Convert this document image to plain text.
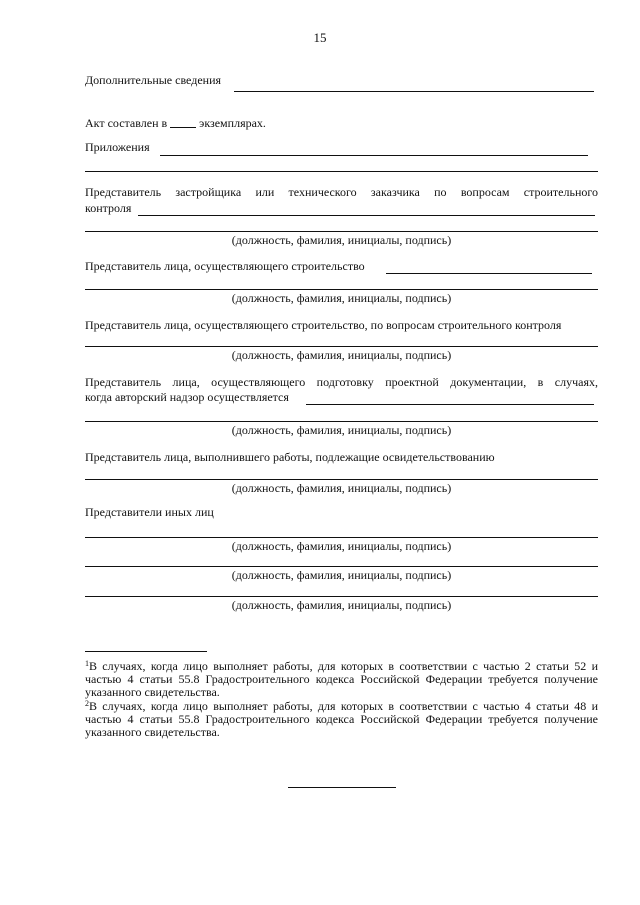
15
Дополнительные сведения
Акт составлен в	экземплярах.
Приложения
Представитель застройщика или технического заказчика по вопросам строительного
контроля
(должность, фамилия, инициалы, подпись)
Представитель лица, осуществляющего строительство
(должность, фамилия, инициалы, подпись)
Представитель лица, осуществляющего строительство, по вопросам строительного контроля
(должность, фамилия, инициалы, подпись)
Представитель лица, осуществляющего подготовку проектной документации, в случаях,
когда авторский надзор осуществляется
(должность, фамилия, инициалы, подпись)
Представитель лица, выполнившего работы, подлежащие освидетельствованию
(должность, фамилия, инициалы, подпись)
Представители иных лиц
(должность, фамилия, инициалы, подпись)
(должность, фамилия, инициалы, подпись)
(должность, фамилия, инициалы, подпись)
$^1$В случаях, когда лицо выполняет работы, для которых в соответствии с частью 2 статьи 52 и частью 4 статьи 55.8 Градостроительного кодекса Российской Федерации требуется получение указанного свидетельства.
$^2$В случаях, когда лицо выполняет работы, для которых в соответствии с частью 4 статьи 48 и частью 4 статьи 55.8 Градостроительного кодекса Российской Федерации требуется получение указанного свидетельства.
